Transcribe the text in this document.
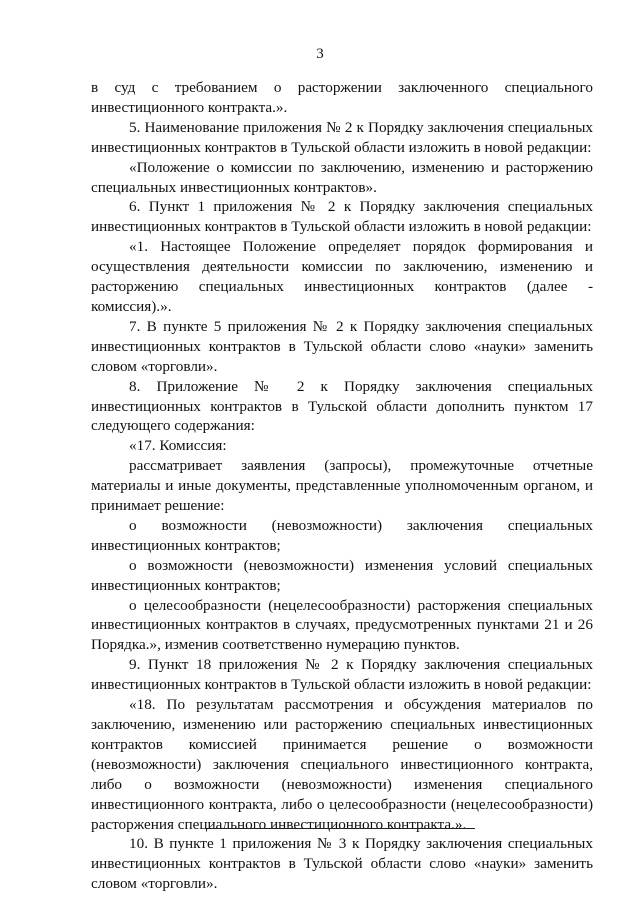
3

в суд с требованием о расторжении заключенного специального инвестиционного контракта.».

5. Наименование приложения № 2 к Порядку заключения специальных инвестиционных контрактов в Тульской области изложить в новой редакции:

«Положение о комиссии по заключению, изменению и расторжению специальных инвестиционных контрактов».

6. Пункт 1 приложения № 2 к Порядку заключения специальных инвестиционных контрактов в Тульской области изложить в новой редакции:

«1. Настоящее Положение определяет порядок формирования и осуществления деятельности комиссии по заключению, изменению и расторжению специальных инвестиционных контрактов (далее - комиссия).».

7. В пункте 5 приложения № 2 к Порядку заключения специальных инвестиционных контрактов в Тульской области слово «науки» заменить словом «торговли».

8. Приложение № 2 к Порядку заключения специальных инвестиционных контрактов в Тульской области дополнить пунктом 17 следующего содержания:

«17. Комиссия:

рассматривает заявления (запросы), промежуточные отчетные материалы и иные документы, представленные уполномоченным органом, и принимает решение:

о возможности (невозможности) заключения специальных инвестиционных контрактов;

о возможности (невозможности) изменения условий специальных инвестиционных контрактов;

о целесообразности (нецелесообразности) расторжения специальных инвестиционных контрактов в случаях, предусмотренных пунктами 21 и 26 Порядка.», изменив соответственно нумерацию пунктов.

9. Пункт 18 приложения № 2 к Порядку заключения специальных инвестиционных контрактов в Тульской области изложить в новой редакции:

«18. По результатам рассмотрения и обсуждения материалов по заключению, изменению или расторжению специальных инвестиционных контрактов комиссией принимается решение о возможности (невозможности) заключения специального инвестиционного контракта, либо о возможности (невозможности) изменения специального инвестиционного контракта, либо о целесообразности (нецелесообразности) расторжения специального инвестиционного контракта.».

10. В пункте 1 приложения № 3 к Порядку заключения специальных инвестиционных контрактов в Тульской области слово «науки» заменить словом «торговли».
